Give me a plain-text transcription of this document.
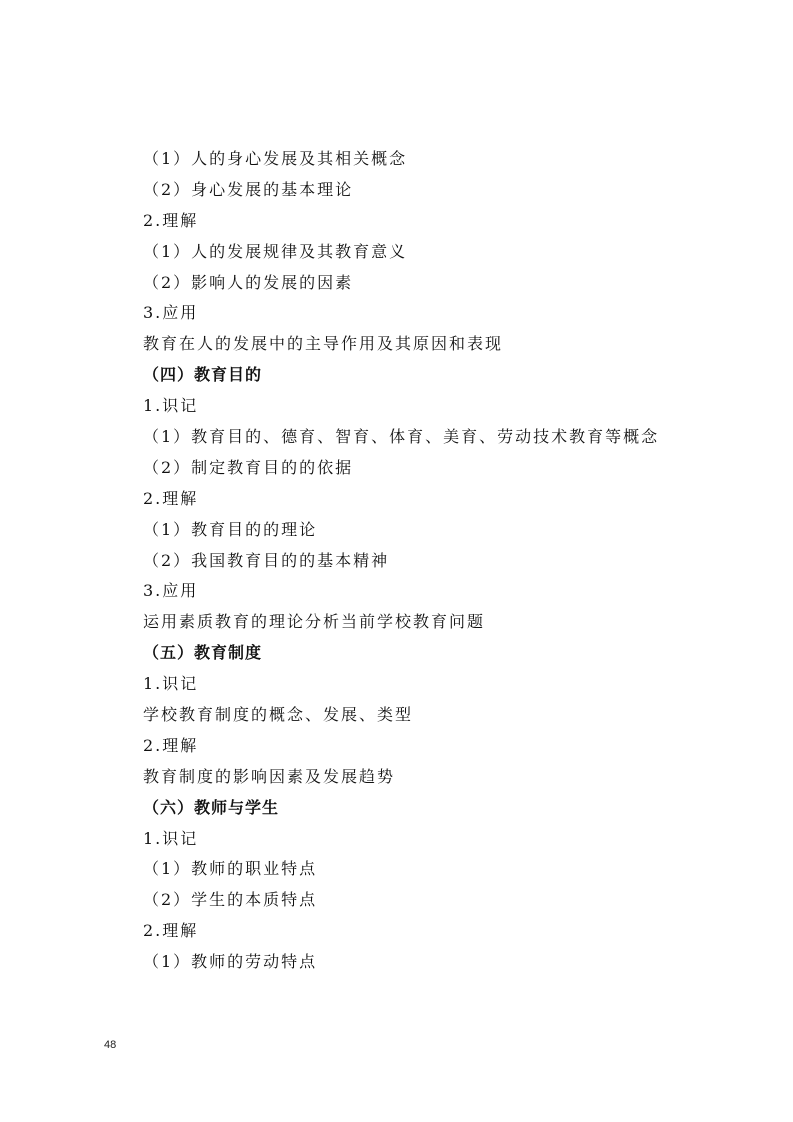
（1）人的身心发展及其相关概念
（2）身心发展的基本理论
2.理解
（1）人的发展规律及其教育意义
（2）影响人的发展的因素
3.应用
教育在人的发展中的主导作用及其原因和表现
（四）教育目的
1.识记
（1）教育目的、德育、智育、体育、美育、劳动技术教育等概念
（2）制定教育目的的依据
2.理解
（1）教育目的的理论
（2）我国教育目的的基本精神
3.应用
运用素质教育的理论分析当前学校教育问题
（五）教育制度
1.识记
学校教育制度的概念、发展、类型
2.理解
教育制度的影响因素及发展趋势
（六）教师与学生
1.识记
（1）教师的职业特点
（2）学生的本质特点
2.理解
（1）教师的劳动特点
48
